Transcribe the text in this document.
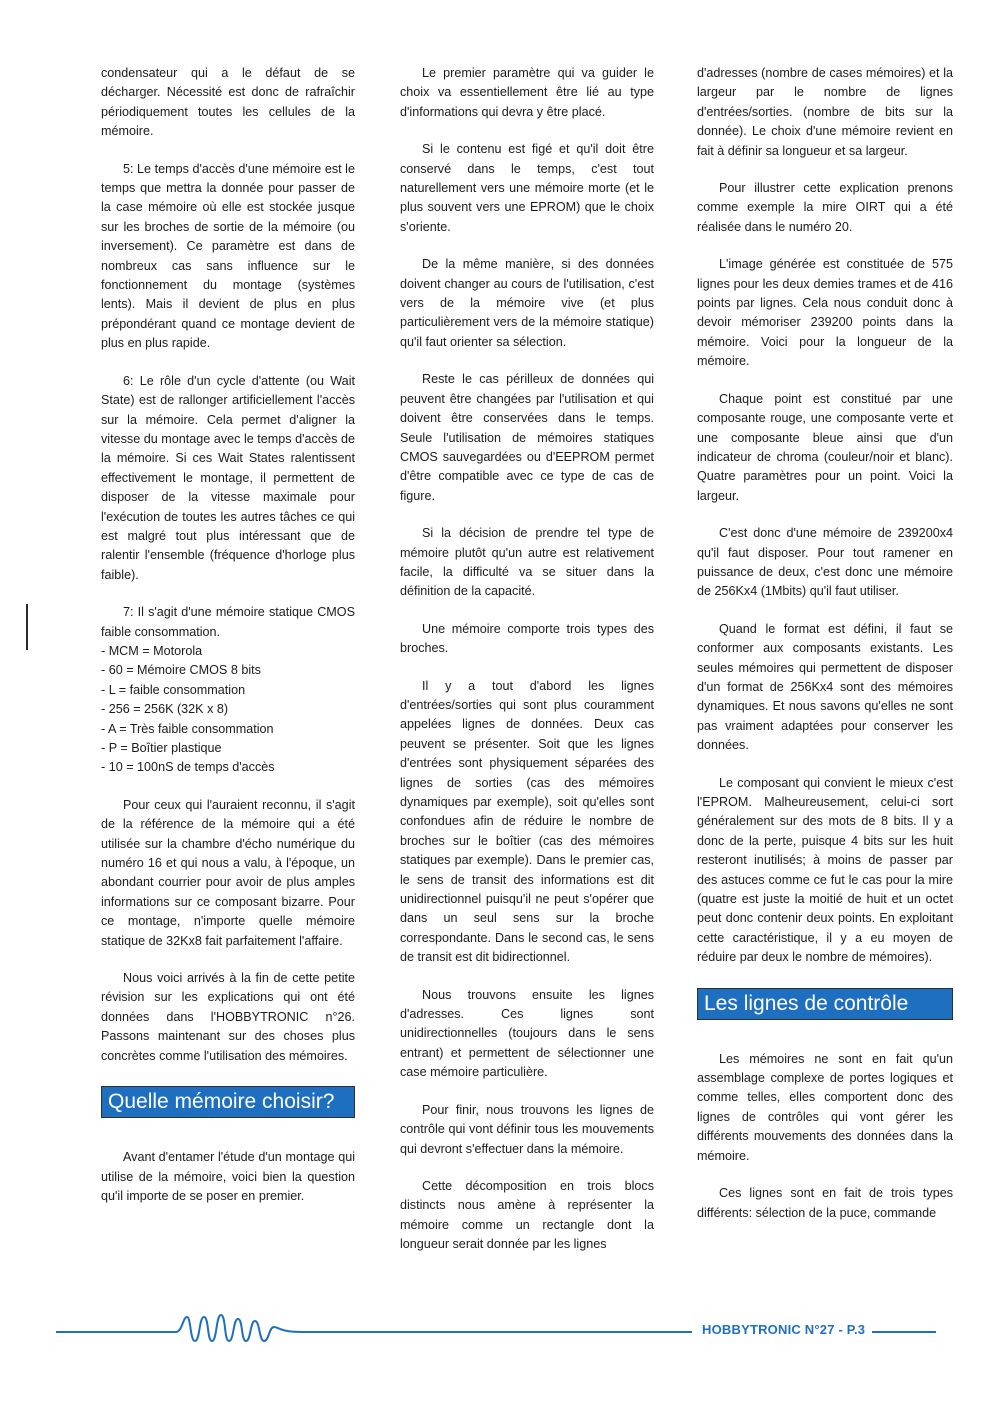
condensateur qui a le défaut de se décharger. Nécessité est donc de rafraîchir périodiquement toutes les cellules de la mémoire.

5: Le temps d'accès d'une mémoire est le temps que mettra la donnée pour passer de la case mémoire où elle est stockée jusque sur les broches de sortie de la mémoire (ou inversement). Ce paramètre est dans de nombreux cas sans influence sur le fonctionnement du montage (systèmes lents). Mais il devient de plus en plus prépondérant quand ce montage devient de plus en plus rapide.

6: Le rôle d'un cycle d'attente (ou Wait State) est de rallonger artificiellement l'accès sur la mémoire. Cela permet d'aligner la vitesse du montage avec le temps d'accès de la mémoire. Si ces Wait States ralentissent effectivement le montage, il permettent de disposer de la vitesse maximale pour l'exécution de toutes les autres tâches ce qui est malgré tout plus intéressant que de ralentir l'ensemble (fréquence d'horloge plus faible).

7: Il s'agit d'une mémoire statique CMOS faible consommation.

- MCM = Motorola
- 60 = Mémoire CMOS 8 bits
- L = faible consommation
- 256 = 256K (32K x 8)
- A = Très faible consommation
- P = Boîtier plastique
- 10 = 100nS de temps d'accès

Pour ceux qui l'auraient reconnu, il s'agit de la référence de la mémoire qui a été utilisée sur la chambre d'écho numérique du numéro 16 et qui nous a valu, à l'époque, un abondant courrier pour avoir de plus amples informations sur ce composant bizarre. Pour ce montage, n'importe quelle mémoire statique de 32Kx8 fait parfaitement l'affaire.

Nous voici arrivés à la fin de cette petite révision sur les explications qui ont été données dans l'HOBBYTRONIC n°26. Passons maintenant sur des choses plus concrètes comme l'utilisation des mémoires.

Quelle mémoire choisir?

Avant d'entamer l'étude d'un montage qui utilise de la mémoire, voici bien la question qu'il importe de se poser en premier.

Le premier paramètre qui va guider le choix va essentiellement être lié au type d'informations qui devra y être placé.

Si le contenu est figé et qu'il doit être conservé dans le temps, c'est tout naturellement vers une mémoire morte (et le plus souvent vers une EPROM) que le choix s'oriente.

De la même manière, si des données doivent changer au cours de l'utilisation, c'est vers de la mémoire vive (et plus particulièrement vers de la mémoire statique) qu'il faut orienter sa sélection.

Reste le cas périlleux de données qui peuvent être changées par l'utilisation et qui doivent être conservées dans le temps. Seule l'utilisation de mémoires statiques CMOS sauvegardées ou d'EEPROM permet d'être compatible avec ce type de cas de figure.

Si la décision de prendre tel type de mémoire plutôt qu'un autre est relativement facile, la difficulté va se situer dans la définition de la capacité.

Une mémoire comporte trois types des broches.

Il y a tout d'abord les lignes d'entrées/sorties qui sont plus couramment appelées lignes de données. Deux cas peuvent se présenter. Soit que les lignes d'entrées sont physiquement séparées des lignes de sorties (cas des mémoires dynamiques par exemple), soit qu'elles sont confondues afin de réduire le nombre de broches sur le boîtier (cas des mémoires statiques par exemple). Dans le premier cas, le sens de transit des informations est dit unidirectionnel puisqu'il ne peut s'opérer que dans un seul sens sur la broche correspondante. Dans le second cas, le sens de transit est dit bidirectionnel.

Nous trouvons ensuite les lignes d'adresses. Ces lignes sont unidirectionnelles (toujours dans le sens entrant) et permettent de sélectionner une case mémoire particulière.

Pour finir, nous trouvons les lignes de contrôle qui vont définir tous les mouvements qui devront s'effectuer dans la mémoire.

Cette décomposition en trois blocs distincts nous amène à représenter la mémoire comme un rectangle dont la longueur serait donnée par les lignes

d'adresses (nombre de cases mémoires) et la largeur par le nombre de lignes d'entrées/sorties. (nombre de bits sur la donnée). Le choix d'une mémoire revient en fait à définir sa longueur et sa largeur.

Pour illustrer cette explication prenons comme exemple la mire OIRT qui a été réalisée dans le numéro 20.

L'image générée est constituée de 575 lignes pour les deux demies trames et de 416 points par lignes. Cela nous conduit donc à devoir mémoriser 239200 points dans la mémoire. Voici pour la longueur de la mémoire.

Chaque point est constitué par une composante rouge, une composante verte et une composante bleue ainsi que d'un indicateur de chroma (couleur/noir et blanc). Quatre paramètres pour un point. Voici la largeur.

C'est donc d'une mémoire de 239200x4 qu'il faut disposer. Pour tout ramener en puissance de deux, c'est donc une mémoire de 256Kx4 (1Mbits) qu'il faut utiliser.

Quand le format est défini, il faut se conformer aux composants existants. Les seules mémoires qui permettent de disposer d'un format de 256Kx4 sont des mémoires dynamiques. Et nous savons qu'elles ne sont pas vraiment adaptées pour conserver les données.

Le composant qui convient le mieux c'est l'EPROM. Malheureusement, celui-ci sort généralement sur des mots de 8 bits. Il y a donc de la perte, puisque 4 bits sur les huit resteront inutilisés; à moins de passer par des astuces comme ce fut le cas pour la mire (quatre est juste la moitié de huit et un octet peut donc contenir deux points. En exploitant cette caractéristique, il y a eu moyen de réduire par deux le nombre de mémoires).

Les lignes de contrôle

Les mémoires ne sont en fait qu'un assemblage complexe de portes logiques et comme telles, elles comportent donc des lignes de contrôles qui vont gérer les différents mouvements des données dans la mémoire.

Ces lignes sont en fait de trois types différents: sélection de la puce, commande

HOBBYTRONIC N°27 - P.3
